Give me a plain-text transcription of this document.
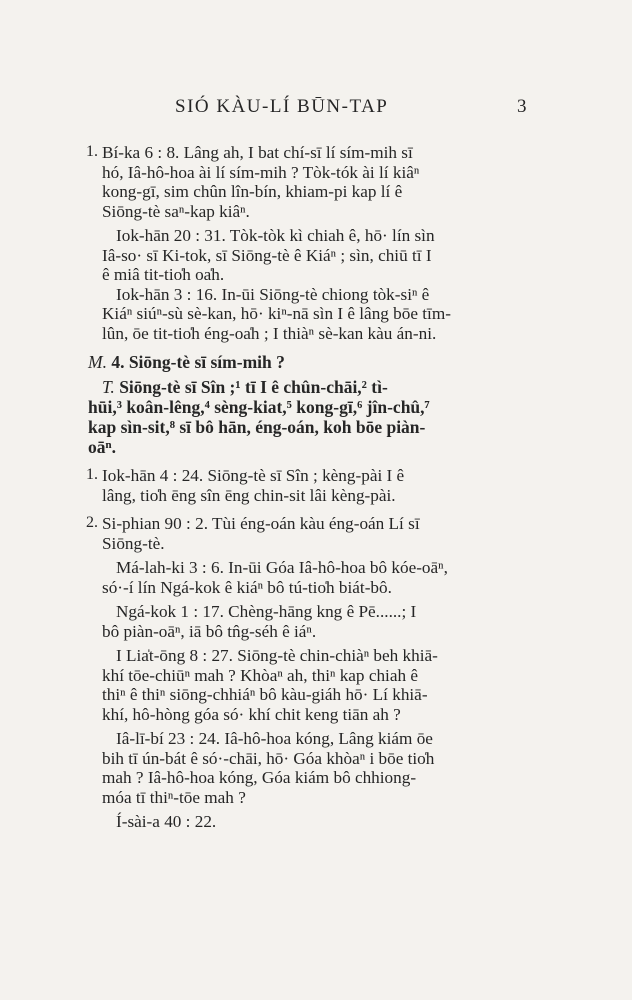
SIÓ KÀU-LÍ BŪN-TAP	3
1. Bí-ka 6 : 8. Lâng ah, I bat chí-sī lí sím-mih sī

hó, Iâ-hô-hoa ài lí sím-mih ? Tòk-tók ài lí kiâⁿ

kong-gī, sim chûn lîn-bín, khiam-pi kap lí ê

Siōng-tè saⁿ-kap kiâⁿ.

Iok-hān 20 : 31. Tòk-tòk kì chiah ê, hō· lín sìn

Iâ-so· sī Ki-tok, sī Siōng-tè ê Kiáⁿ ; sìn, chiū tī I

ê miâ tit-tio̍h oa̍h.

Iok-hān 3 : 16. In-ūi Siōng-tè chiong tòk-siⁿ ê

Kiáⁿ siúⁿ-sù sè-kan, hō· kiⁿ-nā sìn I ê lâng bōe tīm-

lûn, ōe tit-tio̍h éng-oa̍h ; I thiàⁿ sè-kan kàu án-ni.

M. 4. Siōng-tè sī sím-mih ?

T. Siōng-tè sī Sîn ;¹ tī I ê chûn-chāi,² tì-

hūi,³ koân-lêng,⁴ sèng-kiat,⁵ kong-gī,⁶ jîn-chû,⁷

kap sìn-sit,⁸ sī bô hān, éng-oán, koh bōe piàn-

oāⁿ.

1. Iok-hān 4 : 24. Siōng-tè sī Sîn ; kèng-pài I ê

lâng, tio̍h ēng sîn ēng chin-sit lâi kèng-pài.

2. Si-phian 90 : 2. Tùi éng-oán kàu éng-oán Lí sī

Siōng-tè.

Má-lah-ki 3 : 6. In-ūi Góa Iâ-hô-hoa bô kóe-oāⁿ,

só·-í lín Ngá-kok ê kiáⁿ bô tú-tio̍h biát-bô.

Ngá-kok 1 : 17. Chèng-hāng kng ê Pē......; I

bô piàn-oāⁿ, iā bô tn̂g-séh ê iáⁿ.

I Lia̍t-ōng 8 : 27. Siōng-tè chin-chiàⁿ beh khiā-

khí tōe-chiūⁿ mah ? Khòaⁿ ah, thiⁿ kap chiah ê

thiⁿ ê thiⁿ siōng-chhiáⁿ bô kàu-giáh hō· Lí khiā-

khí, hô-hòng góa só· khí chit keng tiān ah ?

Iâ-lī-bí 23 : 24. Iâ-hô-hoa kóng, Lâng kiám ōe

bih tī ún-bát ê só·-chāi, hō· Góa khòaⁿ i bōe tio̍h

mah ? Iâ-hô-hoa kóng, Góa kiám bô chhiong-

móa tī thiⁿ-tōe mah ?

Í-sài-a 40 : 22.
